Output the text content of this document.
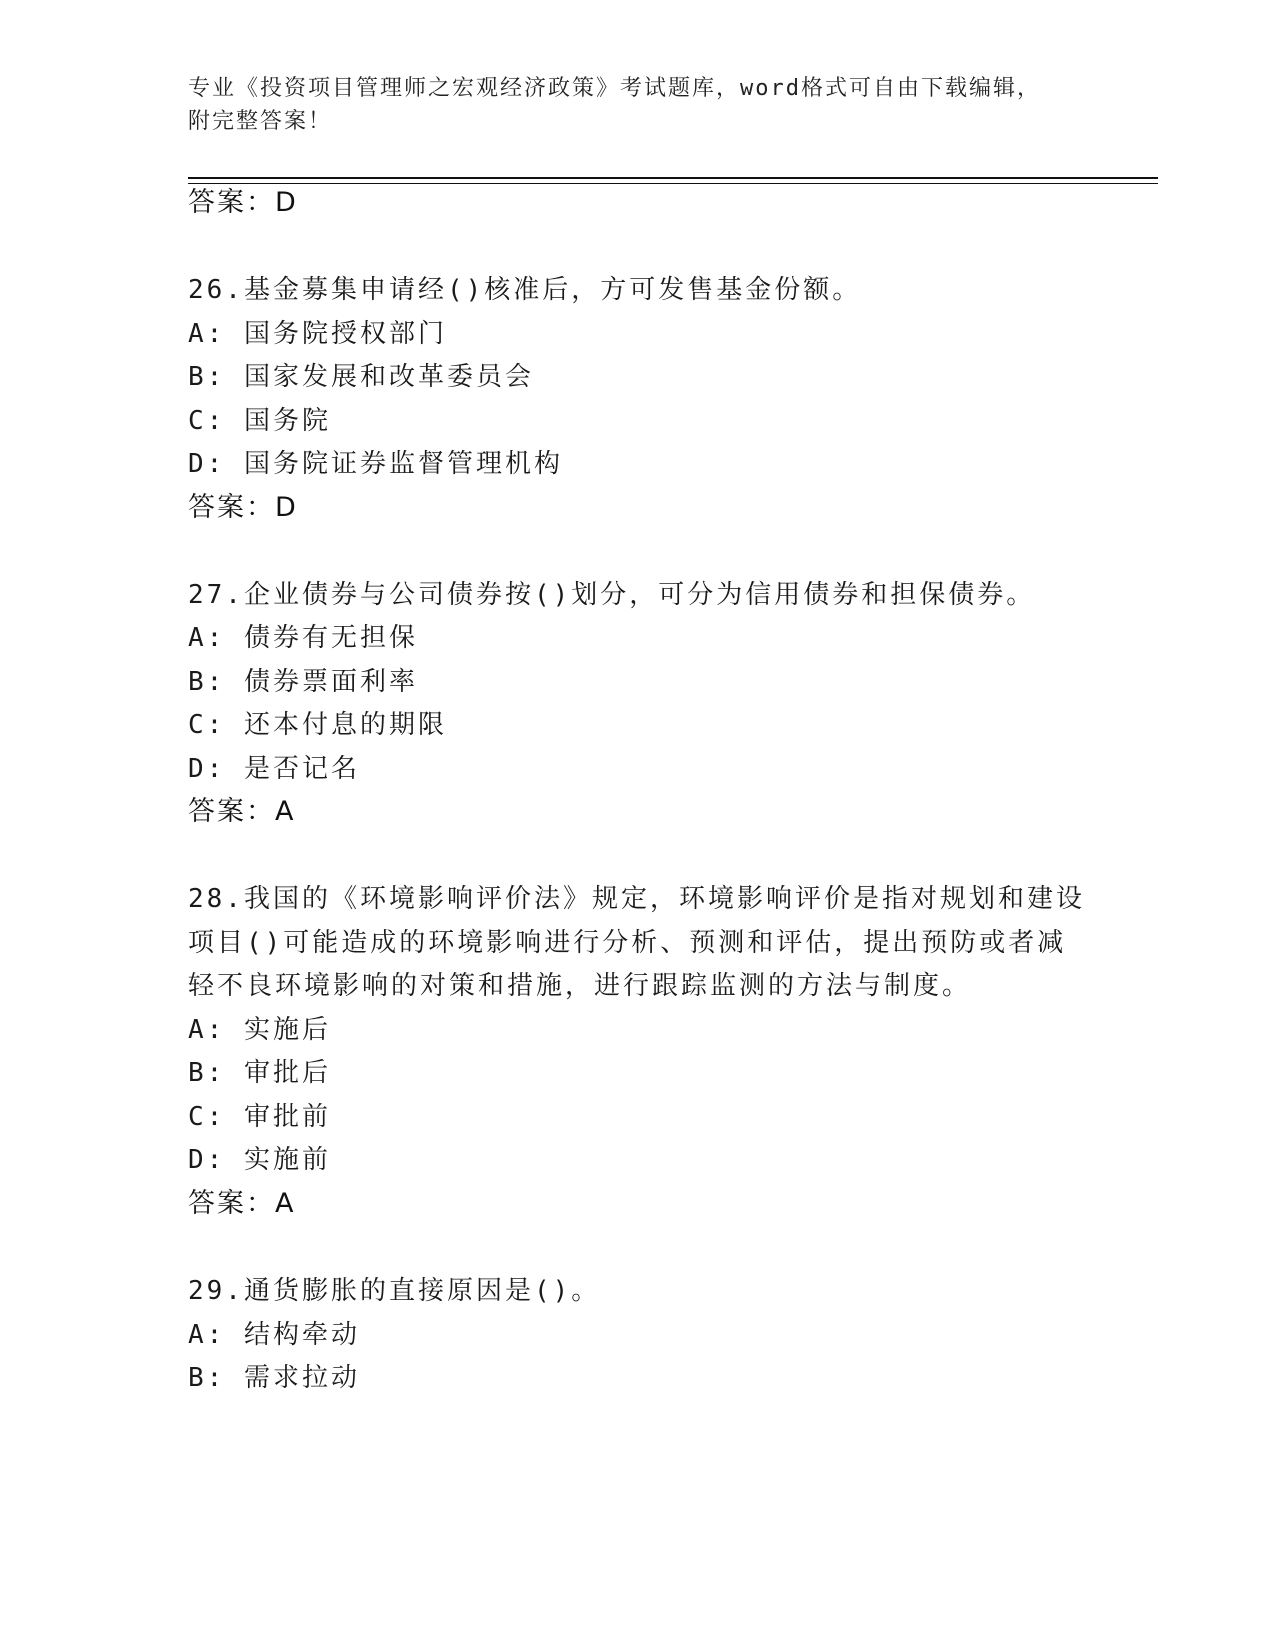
专业《投资项目管理师之宏观经济政策》考试题库，word格式可自由下载编辑，
附完整答案！
答案：D
26.基金募集申请经()核准后，方可发售基金份额。
A: 国务院授权部门
B: 国家发展和改革委员会
C: 国务院
D: 国务院证券监督管理机构
答案：D
27.企业债券与公司债券按()划分，可分为信用债券和担保债券。
A: 债券有无担保
B: 债券票面利率
C: 还本付息的期限
D: 是否记名
答案：A
28.我国的《环境影响评价法》规定，环境影响评价是指对规划和建设
项目()可能造成的环境影响进行分析、预测和评估，提出预防或者减
轻不良环境影响的对策和措施，进行跟踪监测的方法与制度。
A: 实施后
B: 审批后
C: 审批前
D: 实施前
答案：A
29.通货膨胀的直接原因是()。
A: 结构牵动
B: 需求拉动
